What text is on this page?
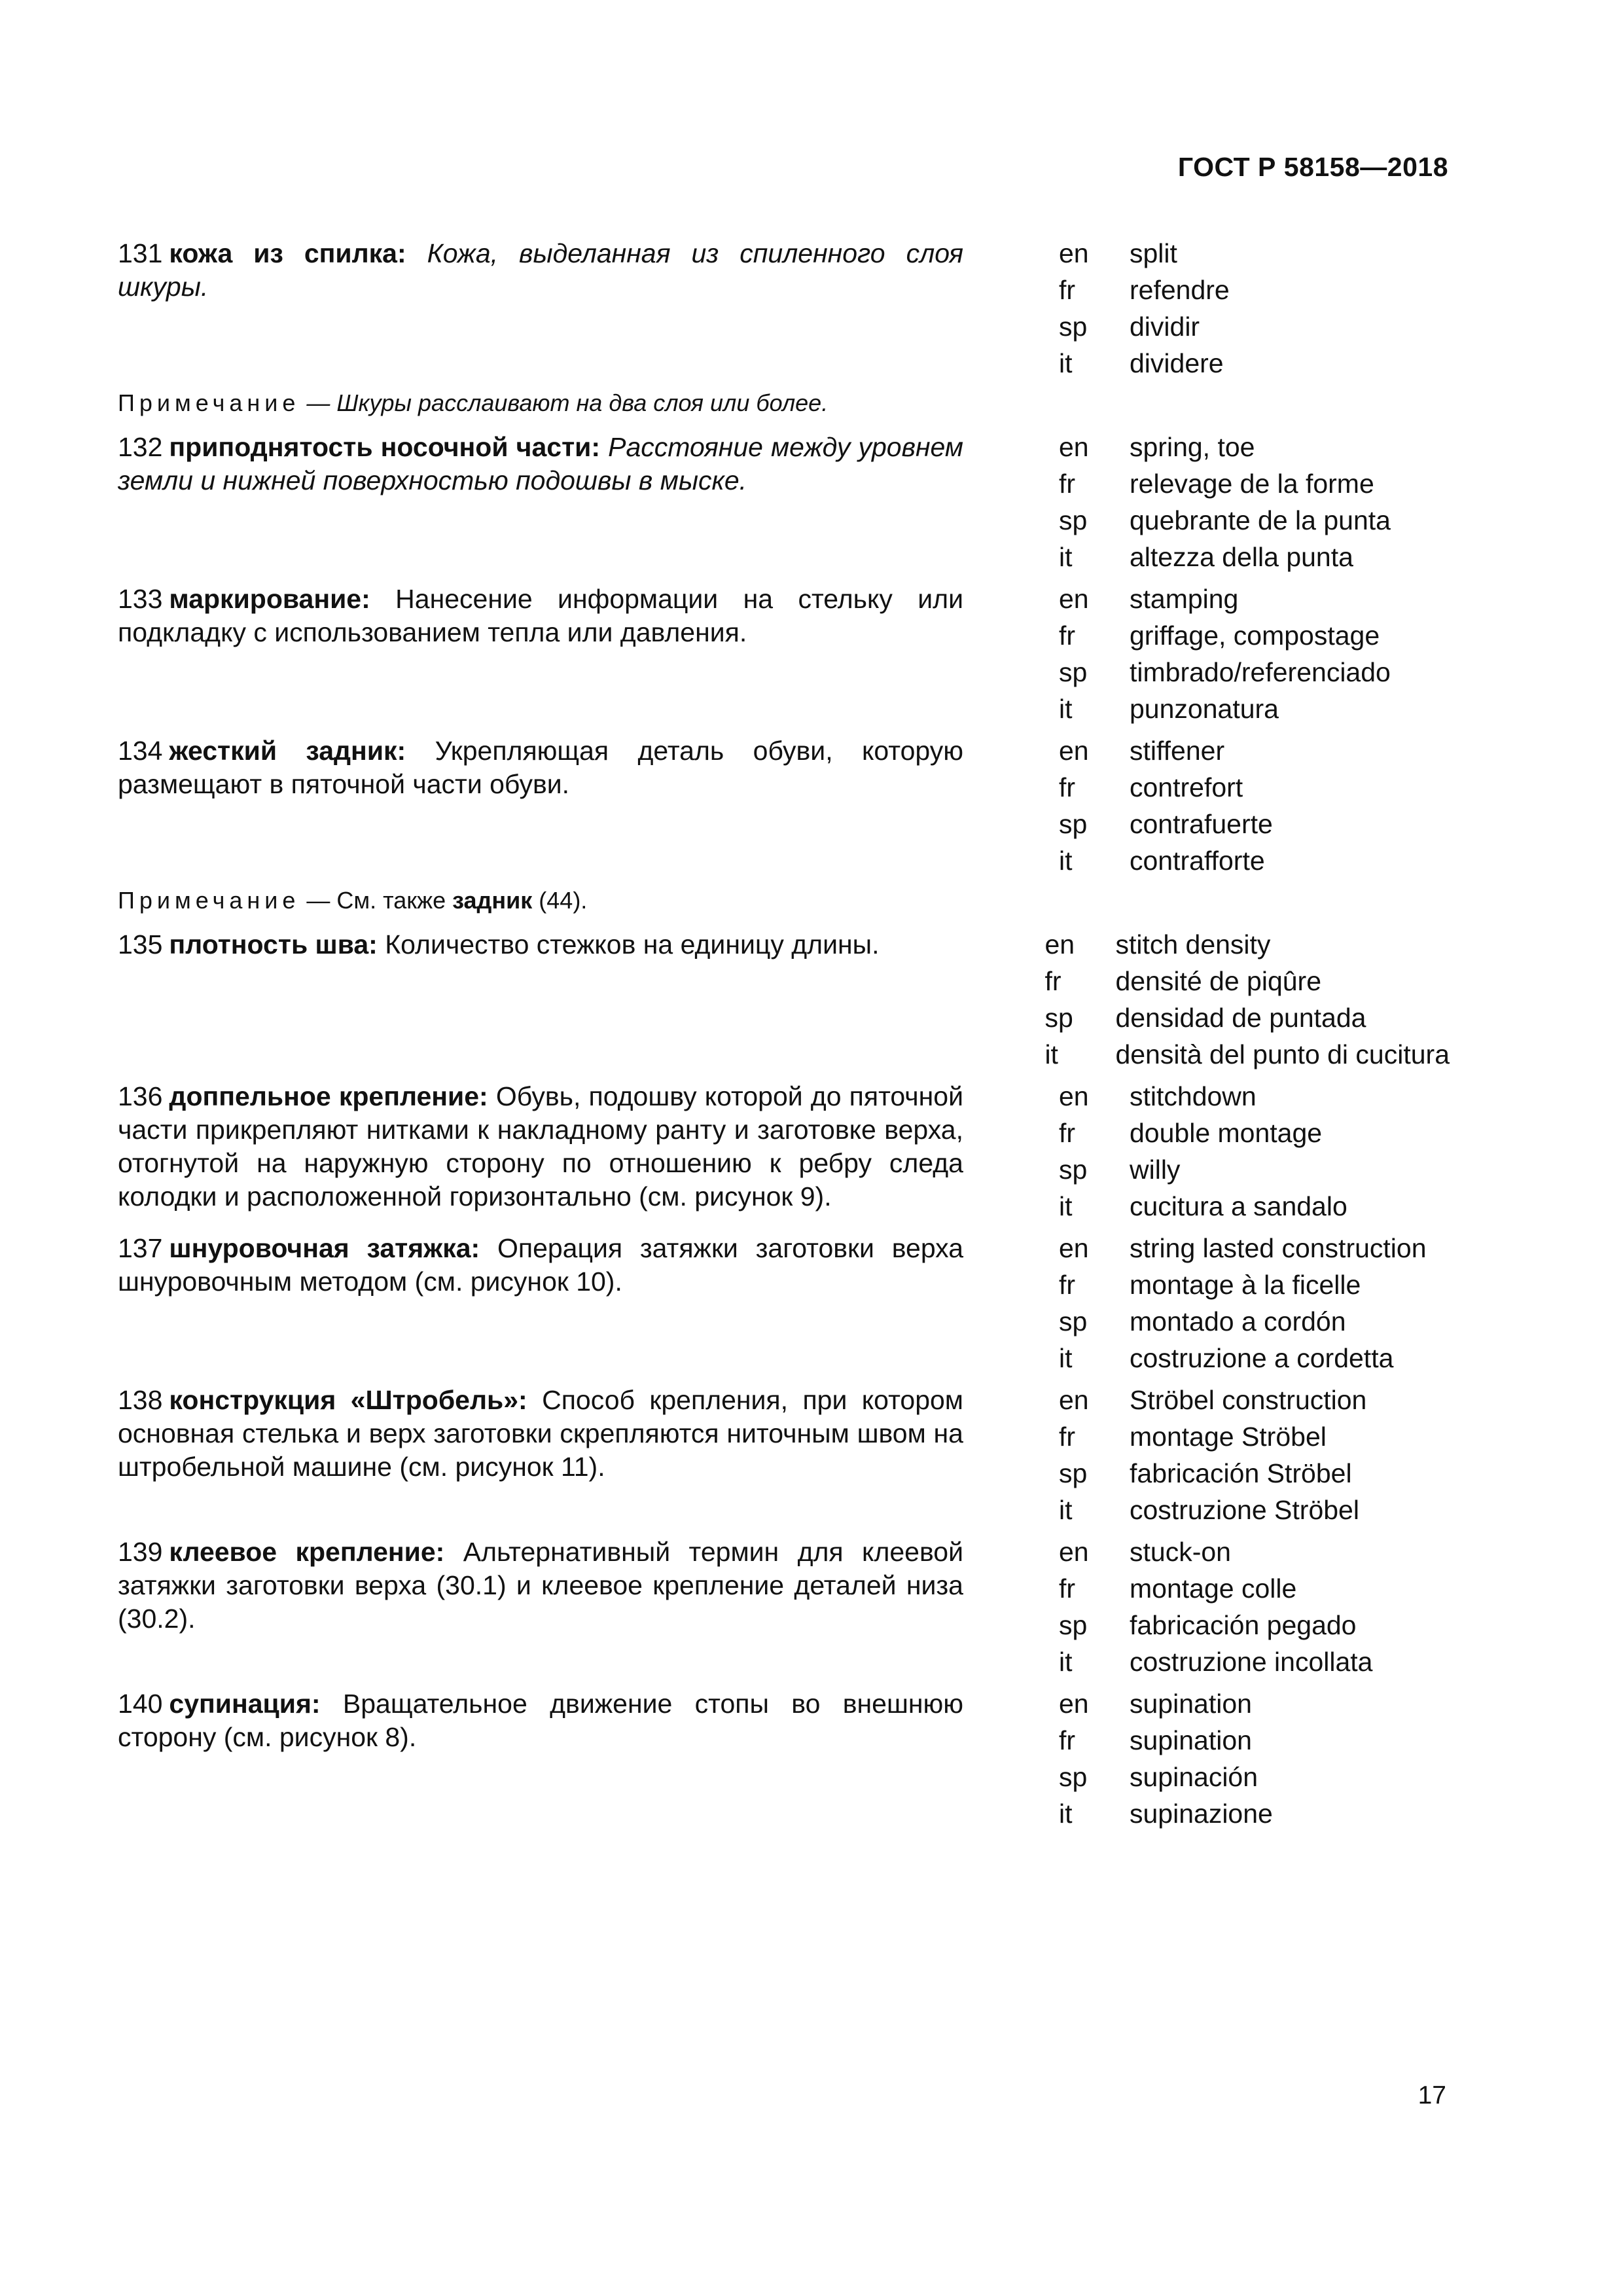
ГОСТ Р 58158—2018
131 кожа из спилка: Кожа, выделанная из спиленного слоя шкуры.
en	split
fr	refendre
sp	dividir
it	dividere
Примечание — Шкуры расслаивают на два слоя или более.
132 приподнятость носочной части: Расстояние между уровнем земли и нижней поверхностью подошвы в мыске.
en	spring, toe
fr	relevage de la forme
sp	quebrante de la punta
it	altezza della punta
133 маркирование: Нанесение информации на стельку или подкладку с использованием тепла или давления.
en	stamping
fr	griffage, compostage
sp	timbrado/referenciado
it	punzonatura
134 жесткий задник: Укрепляющая деталь обуви, которую размещают в пяточной части обуви.
en	stiffener
fr	contrefort
sp	contrafuerte
it	contrafforte
Примечание — См. также задник (44).
135 плотность шва: Количество стежков на единицу длины.	en	stitch density
fr	densité de piqûre
sp	densidad de puntada
it	densità del punto di cucitura
136 доппельное крепление: Обувь, подошву которой до пяточной части прикрепляют нитками к накладному ранту и заготовке верха, отогнутой на наружную сторону по отношению к ребру следа колодки и расположенной горизонтально (см. рисунок 9).
en	stitchdown
fr	double montage
sp	willy
it	cucitura a sandalo
137 шнуровочная затяжка: Операция затяжки заготовки верха шнуровочным методом (см. рисунок 10).
en	string lasted construction
fr	montage à la ficelle
sp	montado a cordón
it	costruzione a cordetta
138 конструкция «Штробель»: Способ крепления, при котором основная стелька и верх заготовки скрепляются ниточным швом на штробельной машине (см. рисунок 11).
en	Ströbel construction
fr	montage Ströbel
sp	fabricación Ströbel
it	costruzione Ströbel
139 клеевое крепление: Альтернативный термин для клеевой затяжки заготовки верха (30.1) и клеевое крепление деталей низа (30.2).
en	stuck-on
fr	montage colle
sp	fabricación pegado
it	costruzione incollata
140 супинация: Вращательное движение стопы во внешнюю сторону (см. рисунок 8).
en	supination
fr	supination
sp	supinación
it	supinazione
17
